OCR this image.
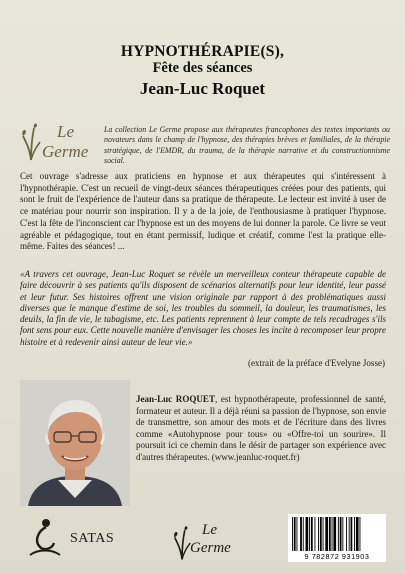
HYPNOTHÉRAPIE(S),
Fête des séances
Jean-Luc Roquet
Le
Germe
La collection Le Germe propose aux thérapeutes francophones des textes importants ou novateurs dans le champ de l'hypnose, des thérapies brèves et familiales, de la thérapie stratégique, de l'EMDR, du trauma, de la thérapie narrative et du constructionnisme social.
Cet ouvrage s'adresse aux praticiens en hypnose et aux thérapeutes qui s'intéressent à l'hypnothérapie. C'est un recueil de vingt-deux séances thérapeutiques créées pour des patients, qui sont le fruit de l'expérience de l'auteur dans sa pratique de thérapeute. Le lecteur est invité à user de ce matériau pour nourrir son inspiration. Il y a de la joie, de l'enthousiasme à pratiquer l'hypnose. C'est la fête de l'inconscient car l'hypnose est un des moyens de lui donner la parole. Ce livre se veut agréable et pédagogique, tout en étant permissif, ludique et créatif, comme l'est la pratique elle-même. Faites des séances! ...
«A travers cet ouvrage, Jean-Luc Roquet se révèle un merveilleux conteur thérapeute capable de faire découvrir à ses patients qu'ils disposent de scénarios alternatifs pour leur identité, leur passé et leur futur. Ses histoires offrent une vision originale par rapport à des problématiques aussi diverses que le manque d'estime de soi, les troubles du sommeil, la douleur, les traumatismes, les deuils, la fin de vie, le tabagisme, etc. Les patients reprennent à leur compte de tels recadrages s'ils font sens pour eux. Cette nouvelle manière d'envisager les choses les incite à recomposer leur propre histoire et à redevenir ainsi auteur de leur vie.»
(extrait de la préface d'Evelyne Josse)
Jean-Luc ROQUET, est hypnothérapeute, professionnel de santé, formateur et auteur. Il a déjà réuni sa passion de l'hypnose, son envie de transmettre, son amour des mots et de l'écriture dans des livres comme «Autohypnose pour tous» ou «Offre-toi un sourire». Il poursuit ici ce chemin dans le désir de partager son expérience avec d'autres thérapeutes. (www.jeanluc-roquet.fr)
SATAS
Le
Germe
9 782872 931903
